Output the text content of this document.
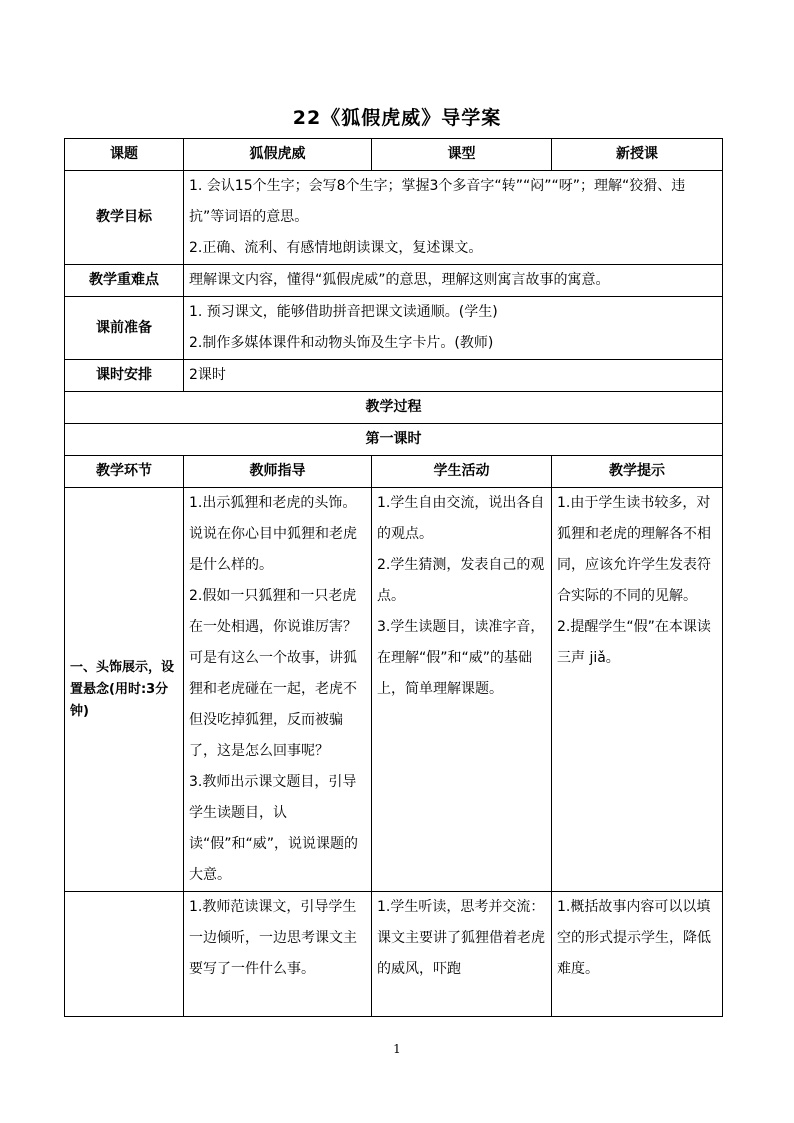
22《狐假虎威》导学案
课题	狐假虎威	课型	新授课
教学目标	1. 会认15个生字；会写8个生字；掌握3个多音字“转”“闷”“呀”；理解“狡猾、违抗”等词语的意思。
2.正确、流利、有感情地朗读课文，复述课文。		

教学重难点	理解课文内容，懂得“狐假虎威”的意思，理解这则寓言故事的寓意。		
课前准备	1. 预习课文，能够借助拼音把课文读通顺。(学生)
2.制作多媒体课件和动物头饰及生字卡片。(教师)		

课时安排	2课时		
教学过程			
第一课时			
教学环节	教师指导	学生活动	教学提示
一、头饰展示，设置悬念(用时:3分钟)	1.出示狐狸和老虎的头饰。说说在你心目中狐狸和老虎是什么样的。
2.假如一只狐狸和一只老虎在一处相遇，你说谁厉害？可是有这么一个故事，讲狐狸和老虎碰在一起，老虎不但没吃掉狐狸，反而被骗了，这是怎么回事呢？
3.教师出示课文题目，引导学生读题目，认读“假”和“威”，说说课题的大意。	1.学生自由交流，说出各自的观点。
2.学生猜测，发表自己的观点。
3.学生读题目，读准字音，在理解“假”和“威”的基础上，简单理解课题。	1.由于学生读书较多，对狐狸和老虎的理解各不相同，应该允许学生发表符合实际的不同的见解。
2.提醒学生“假”在本课读三声 jiǎ。

	1.教师范读课文，引导学生一边倾听，一边思考课文主要写了一件什么事。	1.学生听读，思考并交流：课文主要讲了狐狸借着老虎的威风，吓跑	1.概括故事内容可以以填空的形式提示学生，降低难度。
1
